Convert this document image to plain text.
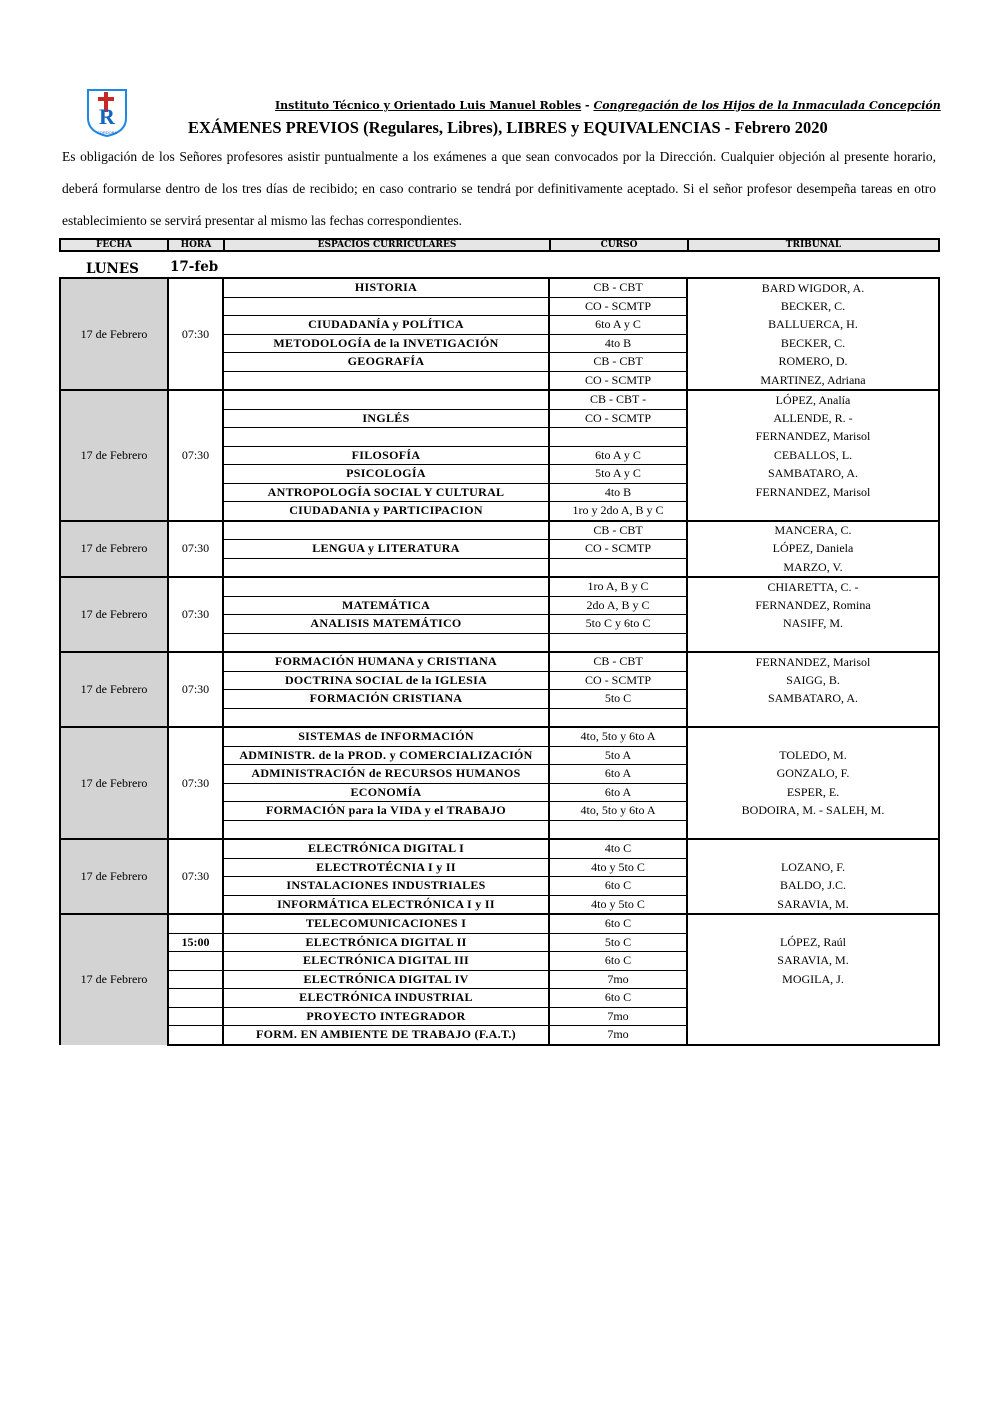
R
CORDOBA
Instituto Técnico y Orientado Luis Manuel Robles - Congregación de los Hijos de la Inmaculada Concepción
EXÁMENES PREVIOS (Regulares, Libres), LIBRES y EQUIVALENCIAS - Febrero 2020
Es obligación de los Señores profesores asistir puntualmente a los exámenes a que sean convocados por la Dirección. Cualquier objeción al presente horario, deberá formularse dentro de los tres días de recibido; en caso contrario se tendrá por definitivamente aceptado. Si el señor profesor desempeña tareas en otro establecimiento se servirá presentar al mismo las fechas correspondientes.
FECHA	HORA	ESPACIOS CURRICULARES	CURSO	TRIBUNAL
LUNES 17-feb
17 de Febrero	07:30	HISTORIA	CB - CBT	BARD WIGDOR, A.
			CO - SCMTP	BECKER, C.
		CIUDADANÍA y POLÍTICA	6to A y C	BALLUERCA, H.
		METODOLOGÍA de la INVETIGACIÓN	4to B	BECKER, C.
		GEOGRAFÍA	CB - CBT	ROMERO, D.
			CO - SCMTP	MARTINEZ, Adriana
17 de Febrero	07:30		CB - CBT -	LÓPEZ, Analía
		INGLÉS	CO - SCMTP	ALLENDE, R. -
				FERNANDEZ, Marisol
		FILOSOFÍA	6to A y C	CEBALLOS, L.
		PSICOLOGÍA	5to A y C	SAMBATARO, A.
		ANTROPOLOGÍA SOCIAL Y CULTURAL	4to B	FERNANDEZ, Marisol
		CIUDADANIA y PARTICIPACION	1ro y 2do A, B y C	
17 de Febrero	07:30		CB - CBT	MANCERA, C.
		LENGUA y LITERATURA	CO - SCMTP	LÓPEZ, Daniela
				MARZO, V.
17 de Febrero	07:30		1ro A, B y C	CHIARETTA, C. -
		MATEMÁTICA	2do A, B y C	FERNANDEZ, Romina
		ANALISIS MATEMÁTICO	5to C y 6to C	NASIFF, M.

17 de Febrero	07:30	FORMACIÓN HUMANA y CRISTIANA	CB - CBT	FERNANDEZ, Marisol
		DOCTRINA SOCIAL de la IGLESIA	CO - SCMTP	SAIGG, B.
		FORMACIÓN CRISTIANA	5to C	SAMBATARO, A.

17 de Febrero	07:30	SISTEMAS de INFORMACIÓN	4to, 5to y 6to A	
		ADMINISTR. de la PROD. y COMERCIALIZACIÓN	5to A	TOLEDO, M.
		ADMINISTRACIÓN de RECURSOS HUMANOS	6to A	GONZALO, F.
		ECONOMÍA	6to A	ESPER, E.
		FORMACIÓN para la VIDA y el TRABAJO	4to, 5to y 6to A	BODOIRA, M. - SALEH, M.

17 de Febrero	07:30	ELECTRÓNICA DIGITAL I	4to C	
		ELECTROTÉCNIA I y II	4to y 5to C	LOZANO, F.
		INSTALACIONES INDUSTRIALES	6to C	BALDO, J.C.
		INFORMÁTICA ELECTRÓNICA I y II	4to y 5to C	SARAVIA, M.
17 de Febrero		TELECOMUNICACIONES I	6to C	
	15:00	ELECTRÓNICA DIGITAL II	5to C	LÓPEZ, Raúl
		ELECTRÓNICA DIGITAL III	6to C	SARAVIA, M.
		ELECTRÓNICA DIGITAL IV	7mo	MOGILA, J.
		ELECTRÓNICA INDUSTRIAL	6to C	
		PROYECTO INTEGRADOR	7mo	
		FORM. EN AMBIENTE DE TRABAJO (F.A.T.)	7mo	
